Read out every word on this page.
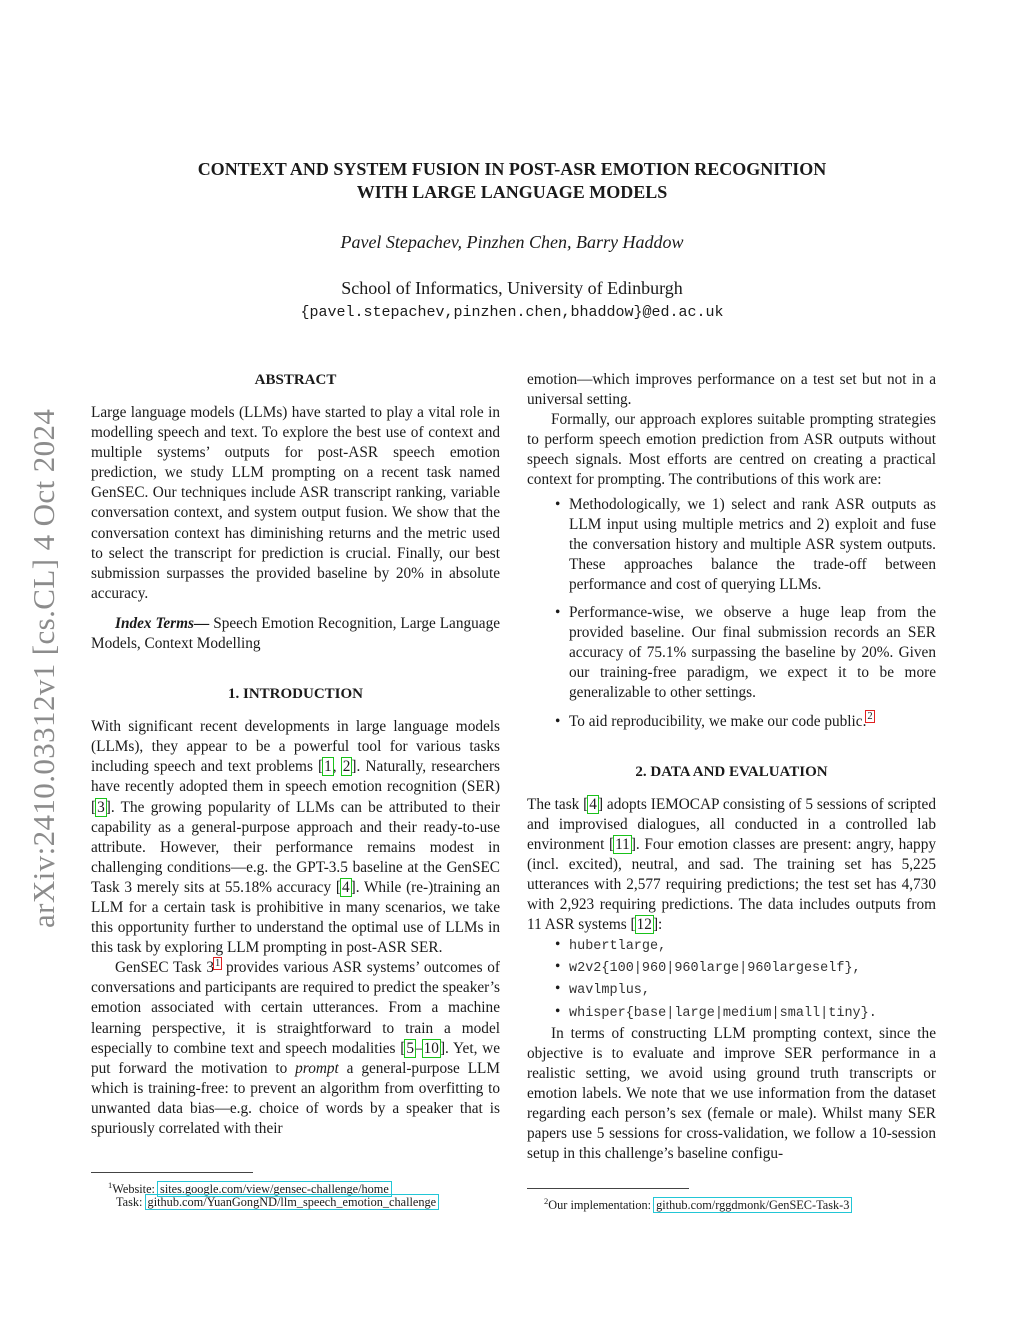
arXiv:2410.03312v1 [cs.CL] 4 Oct 2024
CONTEXT AND SYSTEM FUSION IN POST-ASR EMOTION RECOGNITION
WITH LARGE LANGUAGE MODELS
Pavel Stepachev, Pinzhen Chen, Barry Haddow
School of Informatics, University of Edinburgh
{pavel.stepachev,pinzhen.chen,bhaddow}@ed.ac.uk
ABSTRACT

Large language models (LLMs) have started to play a vital role in modelling speech and text. To explore the best use of context and multiple systems’ outputs for post-ASR speech emotion prediction, we study LLM prompting on a recent task named GenSEC. Our techniques include ASR transcript ranking, variable conversation context, and system output fusion. We show that the conversation context has diminishing returns and the metric used to select the transcript for prediction is crucial. Finally, our best submission surpasses the provided baseline by 20% in absolute accuracy.

Index Terms— Speech Emotion Recognition, Large Language Models, Context Modelling

1. INTRODUCTION

With significant recent developments in large language models (LLMs), they appear to be a powerful tool for various tasks including speech and text problems [1, 2]. Naturally, researchers have recently adopted them in speech emotion recognition (SER) [3]. The growing popularity of LLMs can be attributed to their capability as a general-purpose approach and their ready-to-use attribute. However, their performance remains modest in challenging conditions—e.g. the GPT-3.5 baseline at the GenSEC Task 3 merely sits at 55.18% accuracy [4]. While (re-)training an LLM for a certain task is prohibitive in many scenarios, we take this opportunity further to understand the optimal use of LLMs in this task by exploring LLM prompting in post-ASR SER.

GenSEC Task 3$^1$ provides various ASR systems’ outcomes of conversations and participants are required to predict the speaker’s emotion associated with certain utterances. From a machine learning perspective, it is straightforward to train a model especially to combine text and speech modalities [5–10]. Yet, we put forward the motivation to prompt a general-purpose LLM which is training-free: to prevent an algorithm from overfitting to unwanted data bias—e.g. choice of words by a speaker that is spuriously correlated with their

emotion—which improves performance on a test set but not in a universal setting.

Formally, our approach explores suitable prompting strategies to perform speech emotion prediction from ASR outputs without speech signals. Most efforts are centred on creating a practical context for prompting. The contributions of this work are:

• Methodologically, we 1) select and rank ASR outputs as LLM input using multiple metrics and 2) exploit and fuse the conversation history and multiple ASR system outputs. These approaches balance the trade-off between performance and cost of querying LLMs.
• Performance-wise, we observe a huge leap from the provided baseline. Our final submission records an SER accuracy of 75.1% surpassing the baseline by 20%. Given our training-free paradigm, we expect it to be more generalizable to other settings.
• To aid reproducibility, we make our code public.$^2$
2. DATA AND EVALUATION

The task [4] adopts IEMOCAP consisting of 5 sessions of scripted and improvised dialogues, all conducted in a controlled lab environment [11]. Four emotion classes are present: angry, happy (incl. excited), neutral, and sad. The training set has 5,225 utterances with 2,577 requiring predictions; the test set has 4,730 with 2,923 requiring predictions. The data includes outputs from 11 ASR systems [12]:

• hubertlarge,
• w2v2{100|960|960large|960largeself},
• wavlmplus,
• whisper{base|large|medium|small|tiny}.

In terms of constructing LLM prompting context, since the objective is to evaluate and improve SER performance in a realistic setting, we avoid using ground truth transcripts or emotion labels. We note that we use information from the dataset regarding each person’s sex (female or male). Whilst many SER papers use 5 sessions for cross-validation, we follow a 10-session setup in this challenge’s baseline configu-

$^1$Website: sites.google.com/view/gensec-challenge/home
Task: github.com/YuanGongND/llm_speech_emotion_challenge	$^2$Our implementation: github.com/rggdmonk/GenSEC-Task-3
